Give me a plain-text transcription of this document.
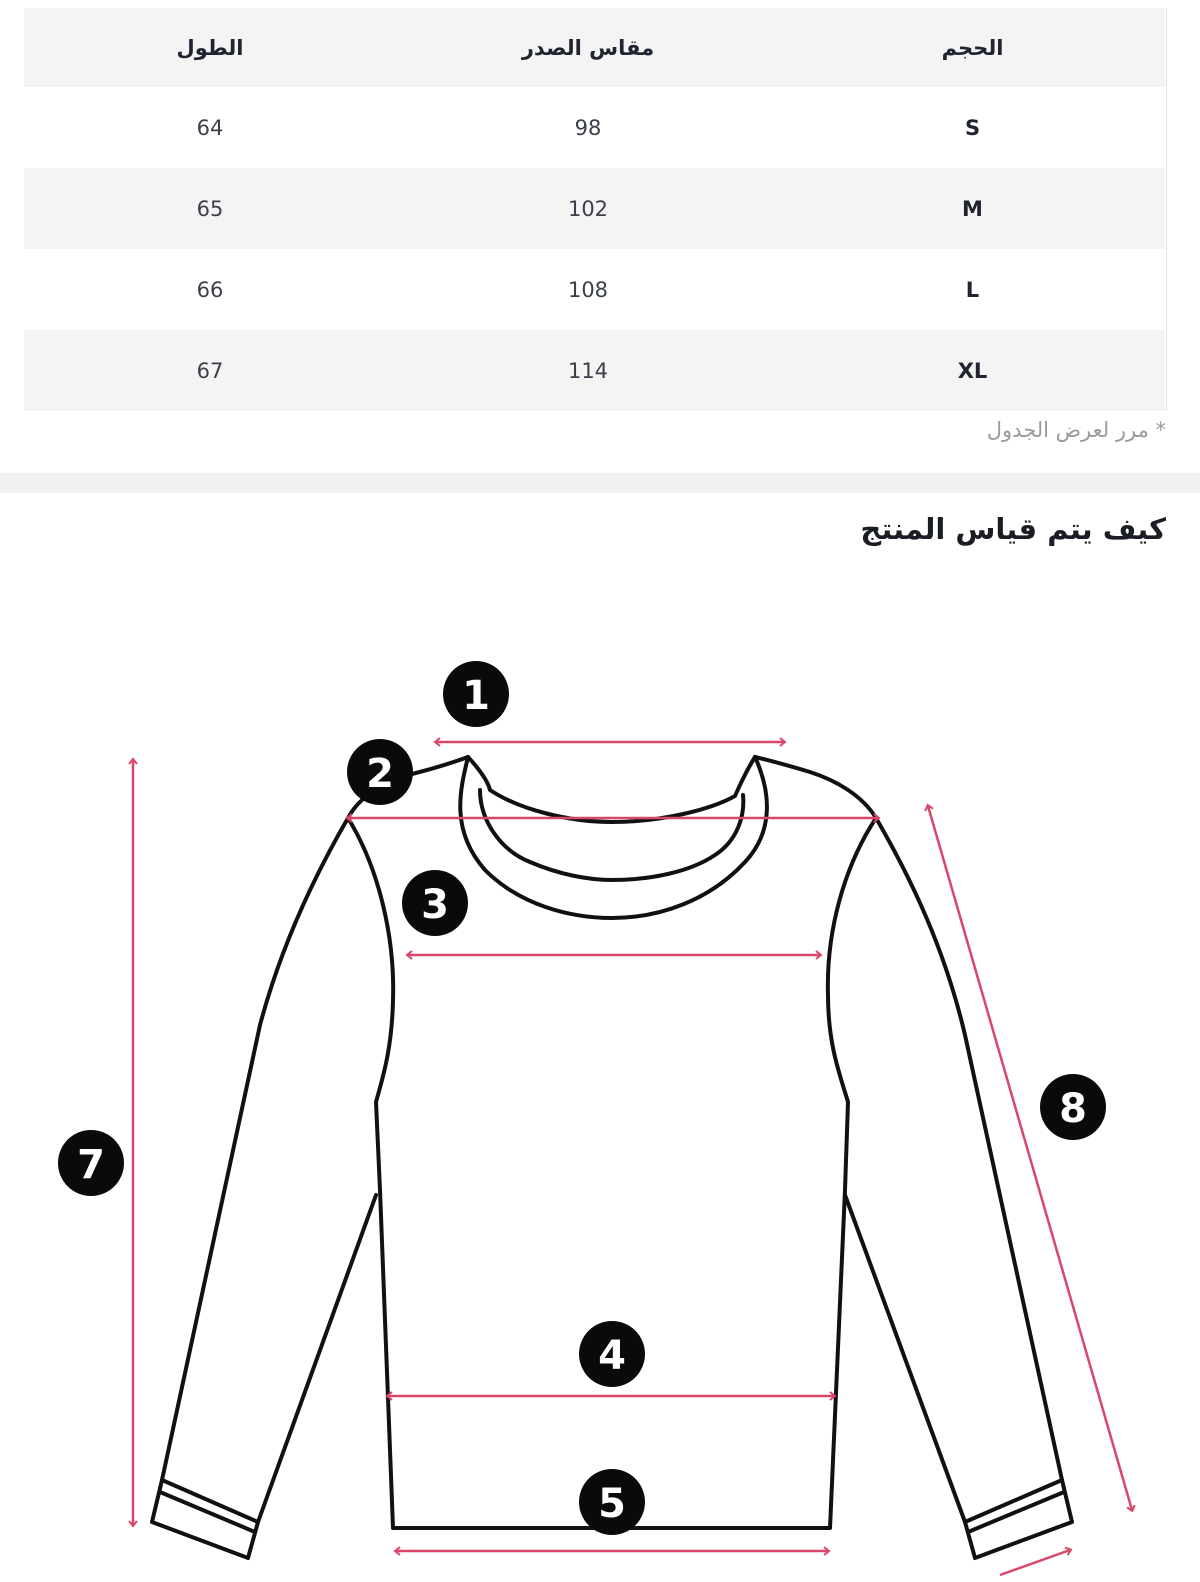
الحجم	مقاس الصدر	الطول
S	98	64
M	102	65
L	108	66
XL	114	67
* مرر لعرض الجدول
كيف يتم قياس المنتج
1
2
3
4
5
7
8
